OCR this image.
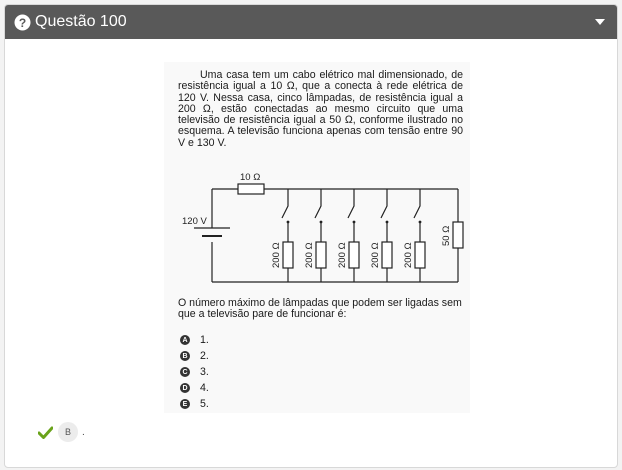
? Questão 100
Uma casa tem um cabo elétrico mal dimensionado, de resistência igual a 10 Ω, que a conecta à rede elétrica de 120 V. Nessa casa, cinco lâmpadas, de resistência igual a 200 Ω, estão conectadas ao mesmo circuito que uma televisão de resistência igual a 50 Ω, conforme ilustrado no esquema. A televisão funciona apenas com tensão entre 90 V e 130 V.
10 Ω
120 V
200 Ω 200 Ω 200 Ω 200 Ω 200 Ω
50 Ω
O número máximo de lâmpadas que podem ser ligadas sem que a televisão pare de funcionar é:
A 1.
B 2.
C 3.
D 4.
E 5.
B	.
